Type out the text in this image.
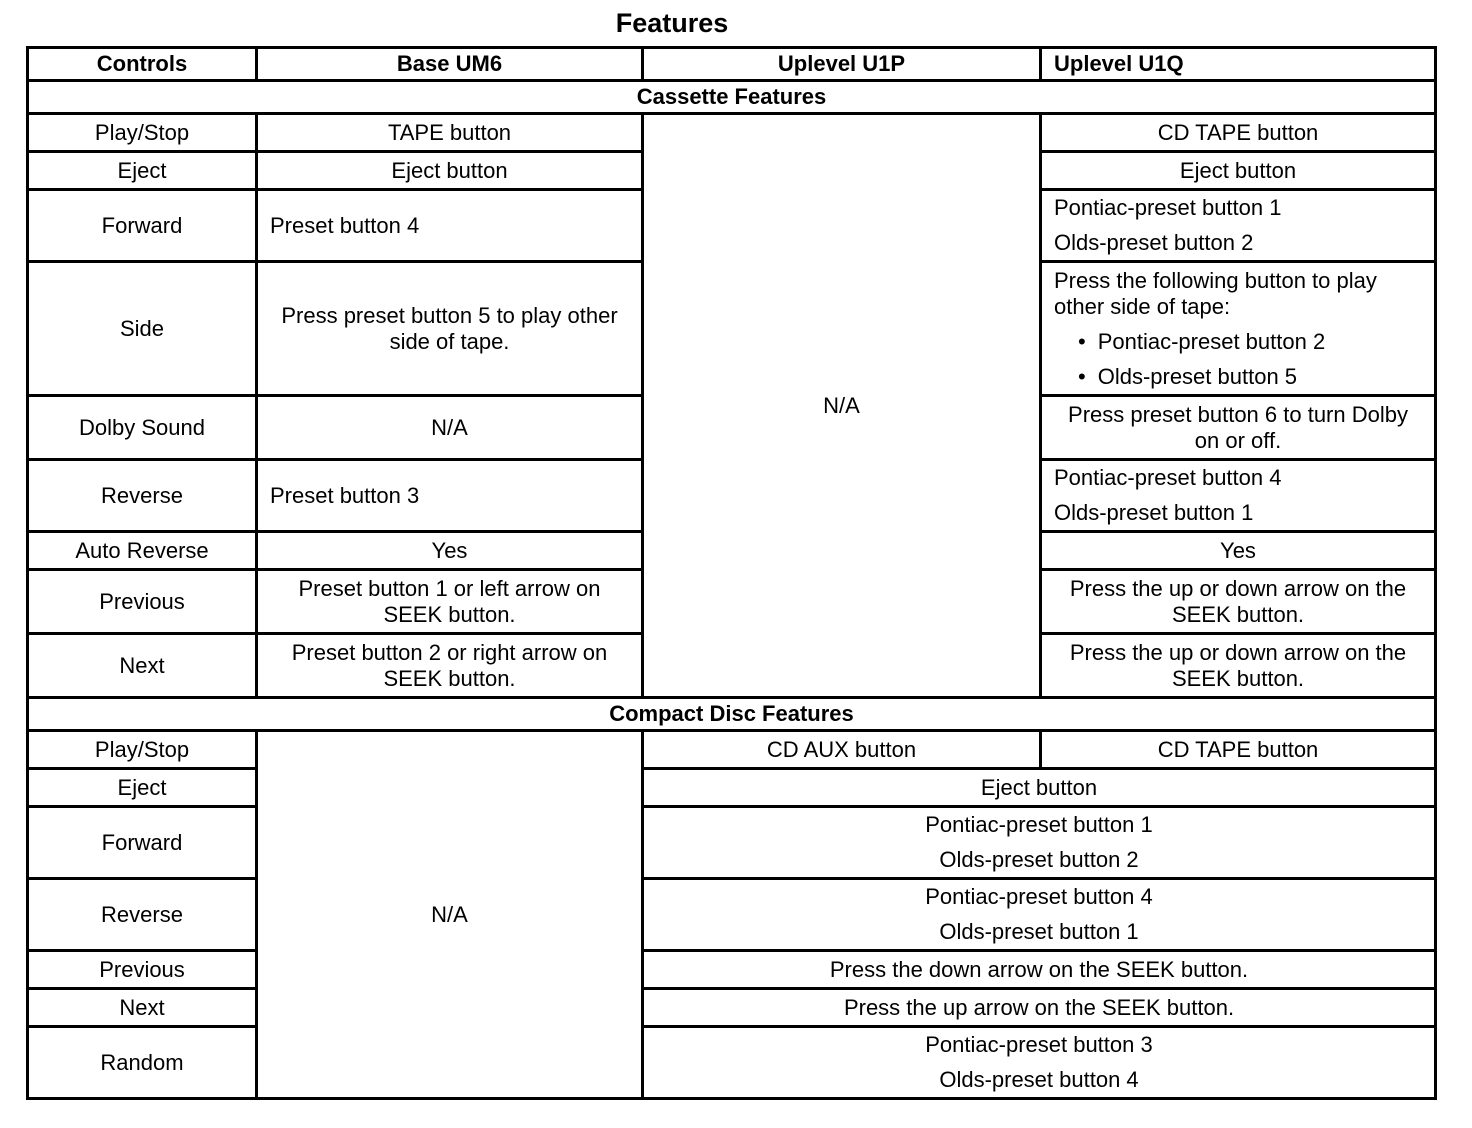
Features
Controls	Base UM6	Uplevel U1P	Uplevel U1Q
Cassette Features			
Play/Stop	TAPE button	N/A	CD TAPE button
Eject	Eject button		Eject button
Forward	Preset button 4		Pontiac-preset button 1
Olds-preset button 2

Side	Press preset button 5 to play other side of tape.		Press the following button to play other side of tape:
• Pontiac-preset button 2
• Olds-preset button 5

Dolby Sound	N/A		Press preset button 6 to turn Dolby on or off.
Reverse	Preset button 3		Pontiac-preset button 4
Olds-preset button 1

Auto Reverse	Yes		Yes
Previous	Preset button 1 or left arrow on SEEK button.		Press the up or down arrow on the SEEK button.
Next	Preset button 2 or right arrow on SEEK button.		Press the up or down arrow on the SEEK button.
Compact Disc Features			
Play/Stop	N/A	CD AUX button	CD TAPE button
Eject		Eject button	
Forward		Pontiac-preset button 1
Olds-preset button 2	

Reverse		Pontiac-preset button 4
Olds-preset button 1	

Previous		Press the down arrow on the SEEK button.	
Next		Press the up arrow on the SEEK button.	
Random		Pontiac-preset button 3
Olds-preset button 4	
